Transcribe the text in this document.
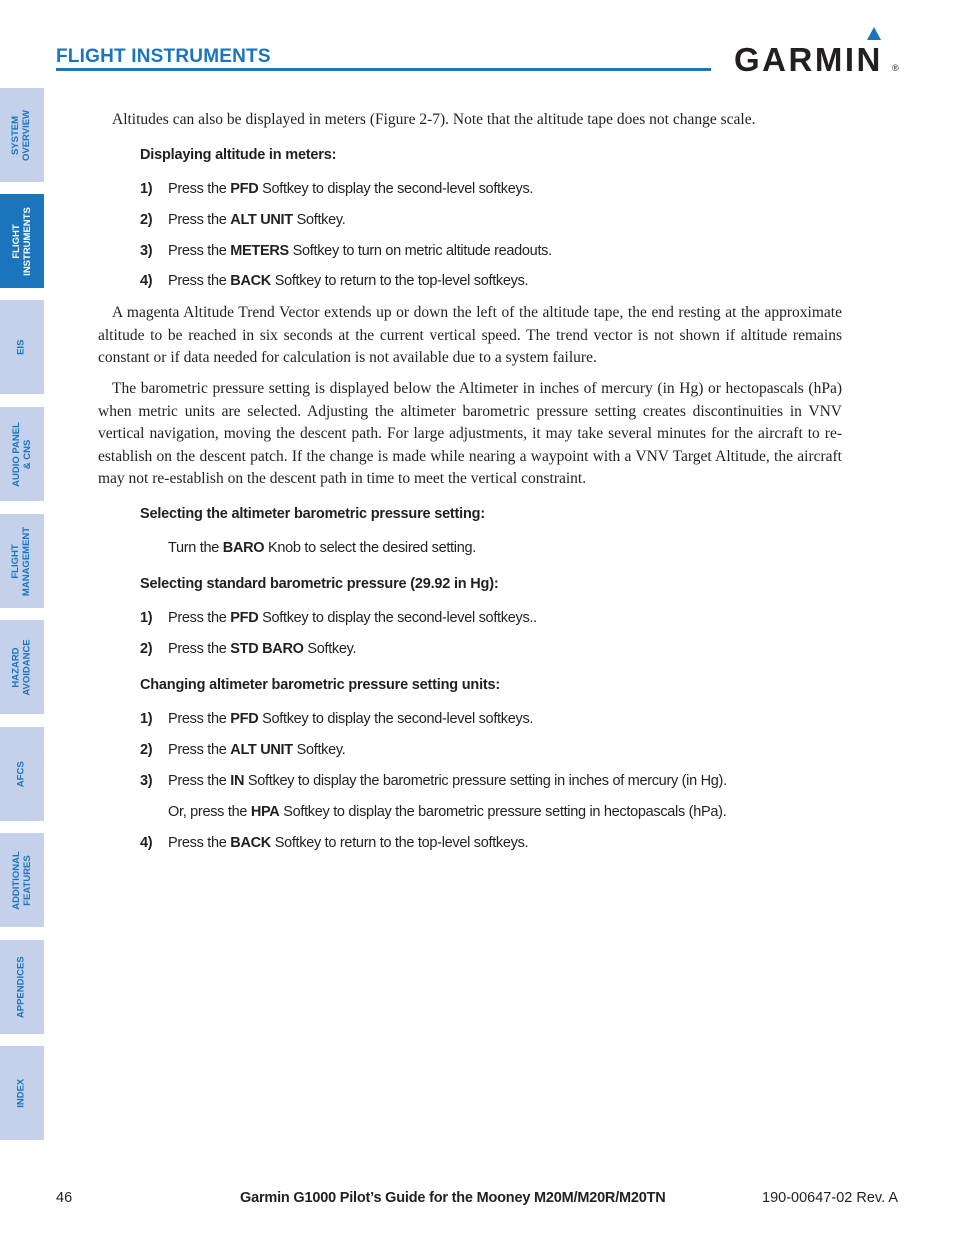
FLIGHT INSTRUMENTS	GARMIN ®
SYSTEM
OVERVIEW
FLIGHT
INSTRUMENTS
EIS
AUDIO PANEL
& CNS
FLIGHT
MANAGEMENT
HAZARD
AVOIDANCE
AFCS
ADDITIONAL
FEATURES
APPENDICES
INDEX

Altitudes can also be displayed in meters (Figure 2-7). Note that the altitude tape does not change scale.

Displaying altitude in meters:
1) Press the PFD Softkey to display the second-level softkeys.
2) Press the ALT UNIT Softkey.
3) Press the METERS Softkey to turn on metric altitude readouts.
4) Press the BACK Softkey to return to the top-level softkeys.

A magenta Altitude Trend Vector extends up or down the left of the altitude tape, the end resting at the approximate altitude to be reached in six seconds at the current vertical speed. The trend vector is not shown if altitude remains constant or if data needed for calculation is not available due to a system failure.

The barometric pressure setting is displayed below the Altimeter in inches of mercury (in Hg) or hectopascals (hPa) when metric units are selected. Adjusting the altimeter barometric pressure setting creates discontinuities in VNV vertical navigation, moving the descent path. For large adjustments, it may take several minutes for the aircraft to re-establish on the descent patch. If the change is made while nearing a waypoint with a VNV Target Altitude, the aircraft may not re-establish on the descent path in time to meet the vertical constraint.

Selecting the altimeter barometric pressure setting:
Turn the BARO Knob to select the desired setting.
Selecting standard barometric pressure (29.92 in Hg):
1) Press the PFD Softkey to display the second-level softkeys..
2) Press the STD BARO Softkey.
Changing altimeter barometric pressure setting units:
1) Press the PFD Softkey to display the second-level softkeys.
2) Press the ALT UNIT Softkey.
3) Press the IN Softkey to display the barometric pressure setting in inches of mercury (in Hg).
Or, press the HPA Softkey to display the barometric pressure setting in hectopascals (hPa).
4) Press the BACK Softkey to return to the top-level softkeys.
46	Garmin G1000 Pilot’s Guide for the Mooney M20M/M20R/M20TN	190-00647-02 Rev. A
